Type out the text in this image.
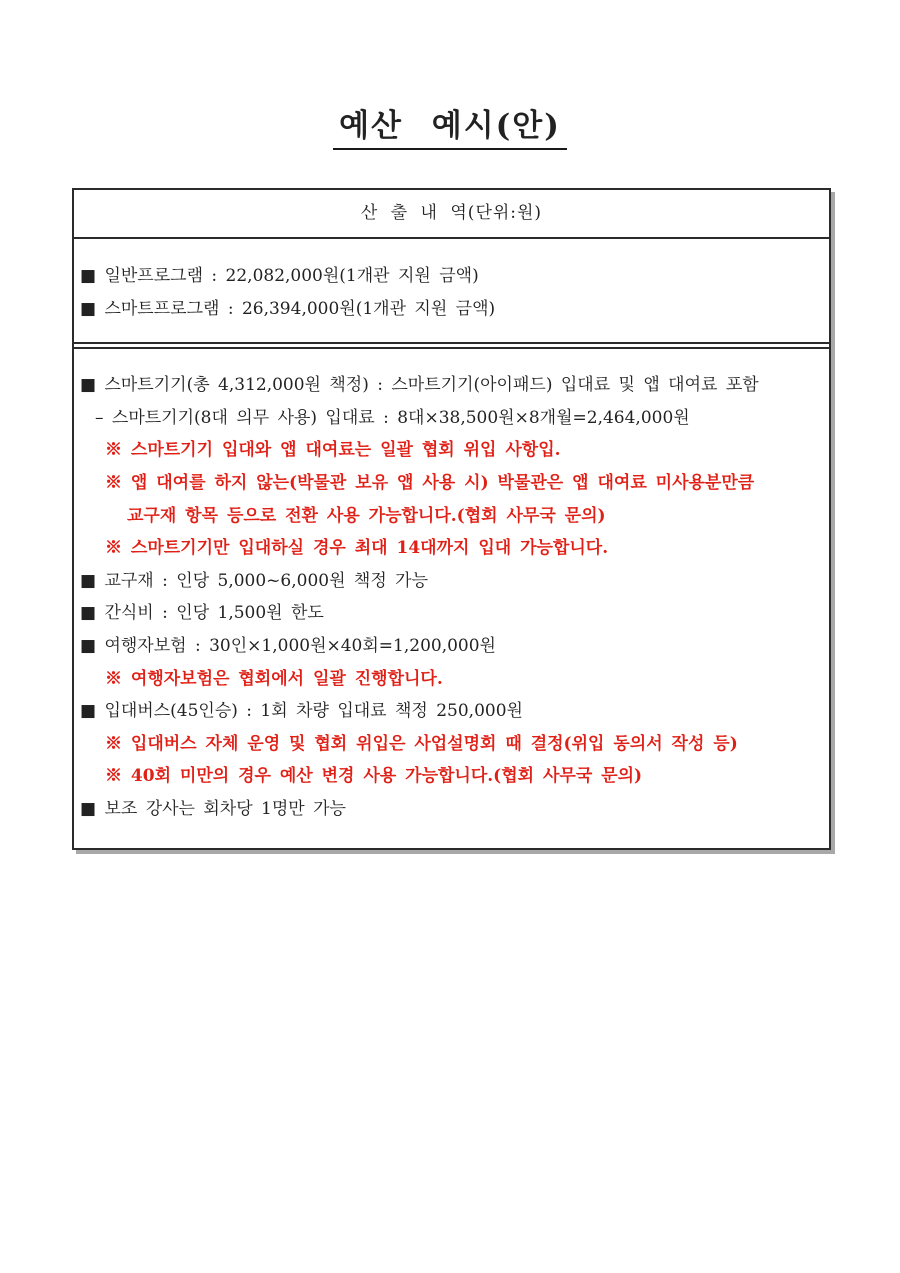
예산 예시(안)
산 출 내 역(단위:원)
■ 일반프로그램 : 22,082,000원(1개관 지원 금액)
■ 스마트프로그램 : 26,394,000원(1개관 지원 금액)
■ 스마트기기(총 4,312,000원 책정) : 스마트기기(아이패드) 입대료 및 앱 대여료 포함
– 스마트기기(8대 의무 사용) 입대료 : 8대×38,500원×8개월=2,464,000원
※ 스마트기기 입대와 앱 대여료는 일괄 협회 위입 사항입.
※ 앱 대여를 하지 않는(박물관 보유 앱 사용 시) 박물관은 앱 대여료 미사용분만큼
교구재 항목 등으로 전환 사용 가능합니다.(협회 사무국 문의)
※ 스마트기기만 입대하실 경우 최대 14대까지 입대 가능합니다.
■ 교구재 : 인당 5,000~6,000원 책정 가능
■ 간식비 : 인당 1,500원 한도
■ 여행자보험 : 30인×1,000원×40회=1,200,000원
※ 여행자보험은 협회에서 일괄 진행합니다.
■ 입대버스(45인승) : 1회 차량 입대료 책정 250,000원
※ 입대버스 자체 운영 및 협회 위입은 사업설명회 때 결정(위입 동의서 작성 등)
※ 40회 미만의 경우 예산 변경 사용 가능합니다.(협회 사무국 문의)
■ 보조 강사는 회차당 1명만 가능
